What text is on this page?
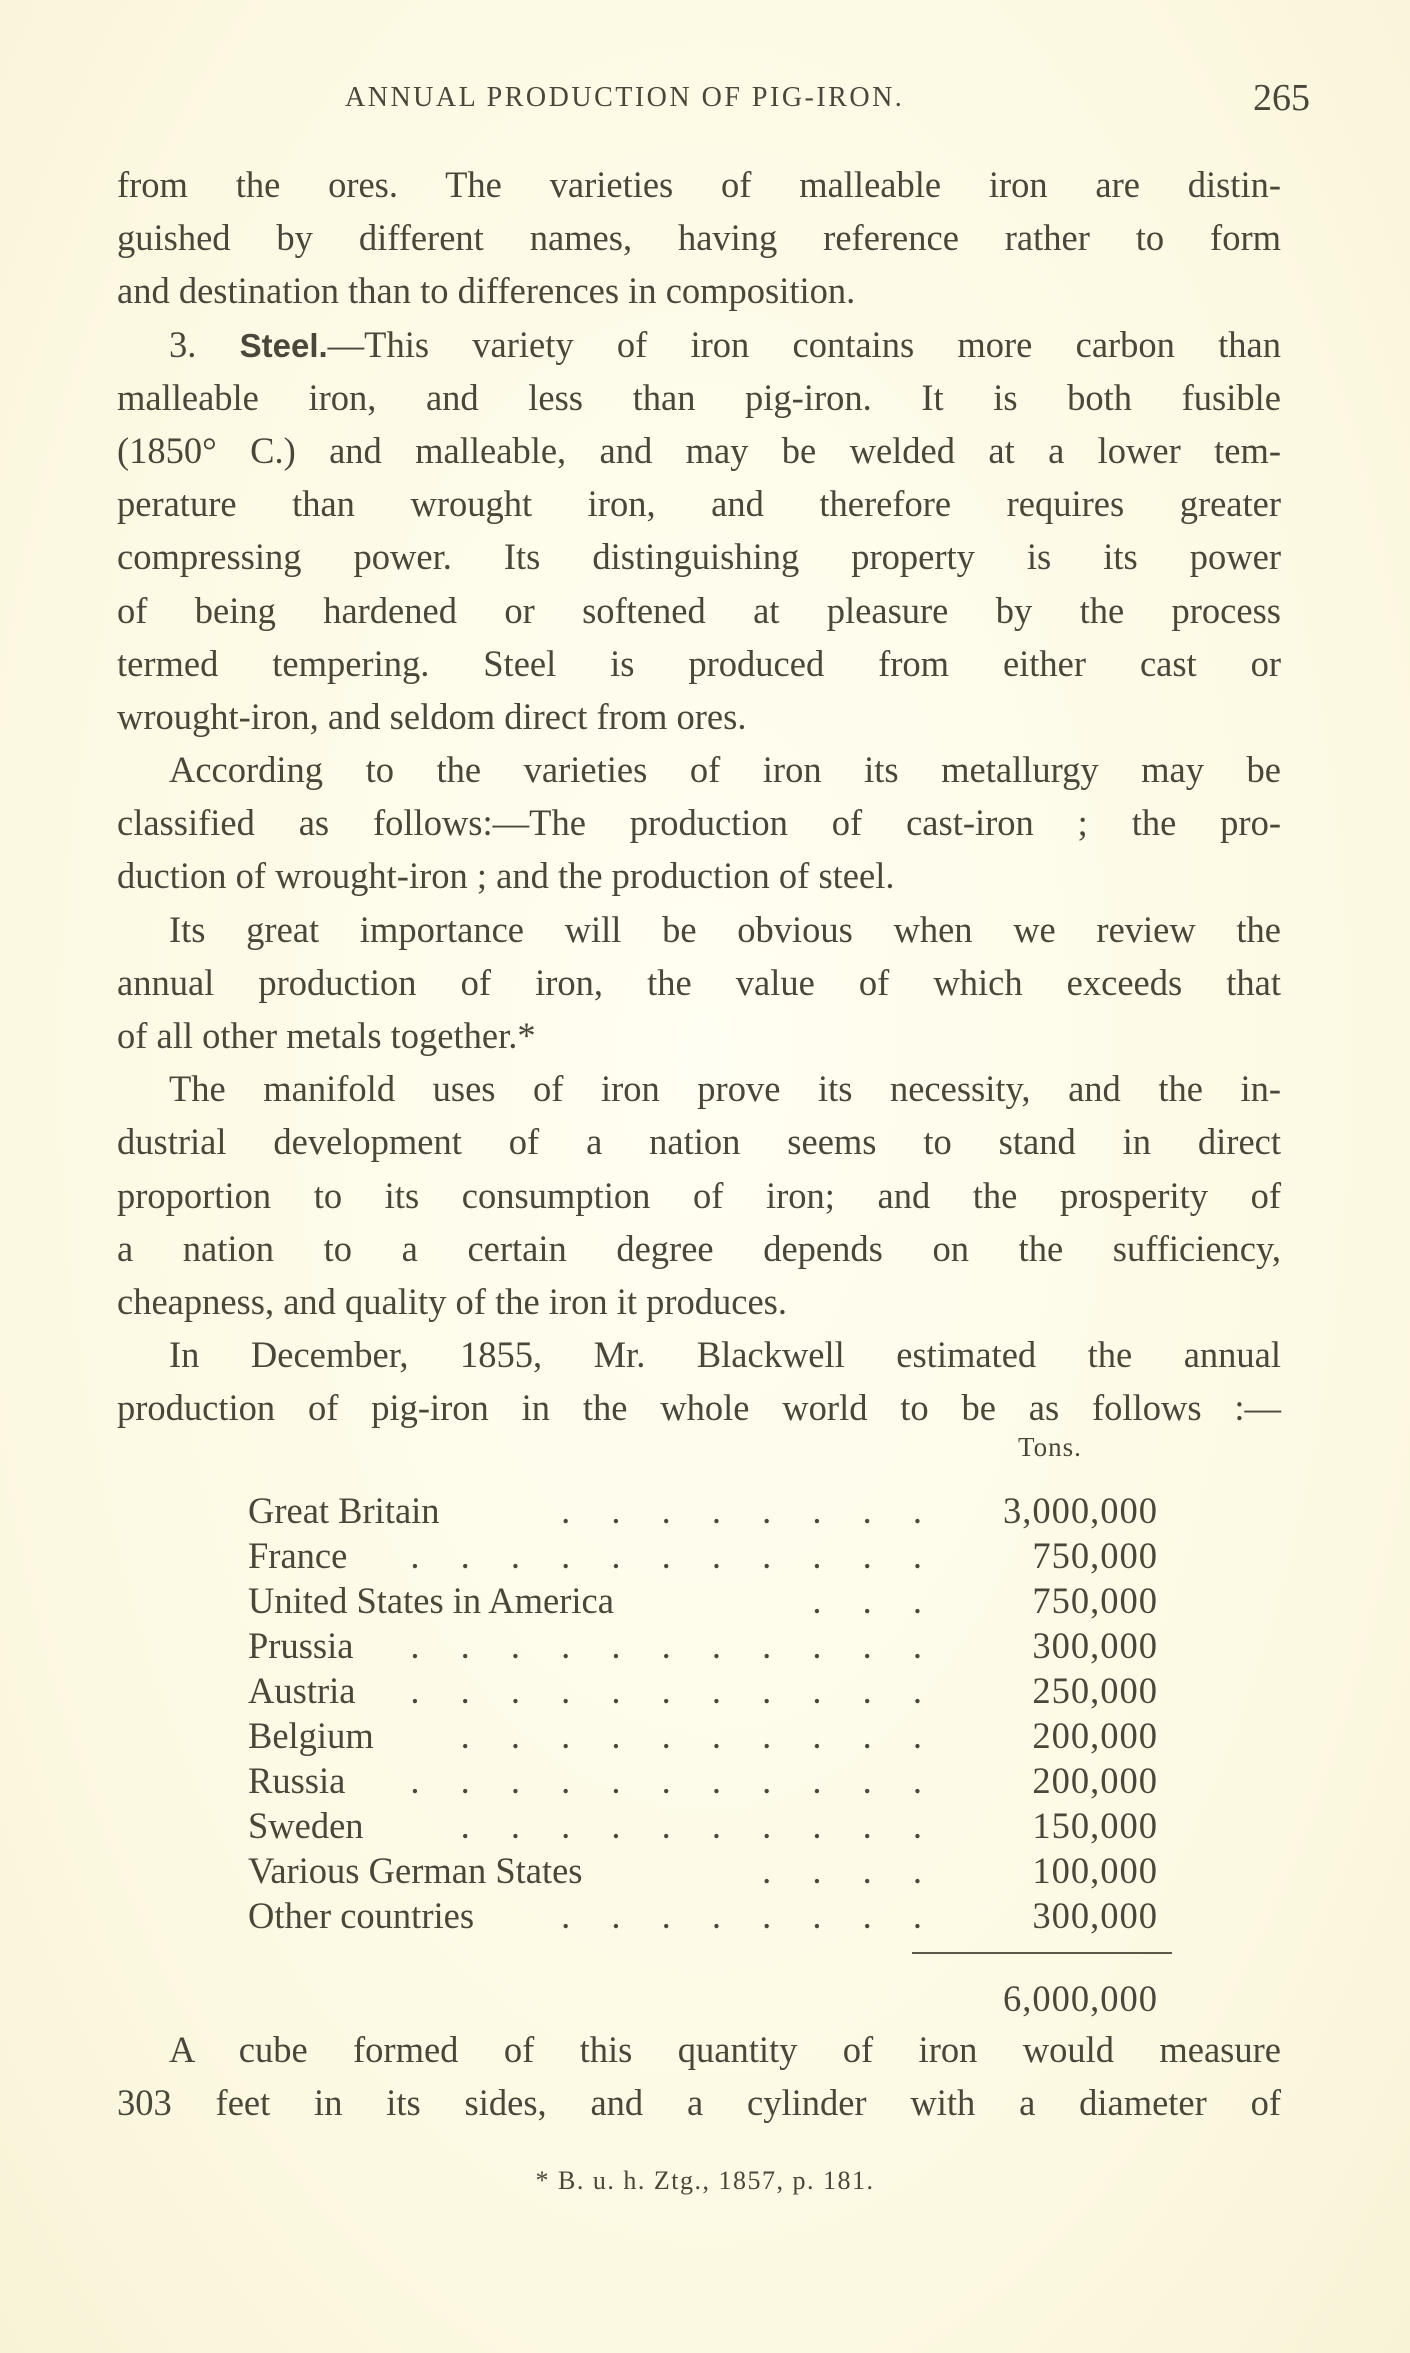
ANNUAL PRODUCTION OF PIG-IRON.	265
from the ores. The varieties of malleable iron are distin-
guished by different names, having reference rather to form
and destination than to differences in composition.
3. Steel.—This variety of iron contains more carbon than
malleable iron, and less than pig-iron. It is both fusible
(1850° C.) and malleable, and may be welded at a lower tem-
perature than wrought iron, and therefore requires greater
compressing power. Its distinguishing property is its power
of being hardened or softened at pleasure by the process
termed tempering. Steel is produced from either cast or
wrought-iron, and seldom direct from ores.
According to the varieties of iron its metallurgy may be
classified as follows:—The production of cast-iron ; the pro-
duction of wrought-iron ; and the production of steel.
Its great importance will be obvious when we review the
annual production of iron, the value of which exceeds that
of all other metals together.*
The manifold uses of iron prove its necessity, and the in-
dustrial development of a nation seems to stand in direct
proportion to its consumption of iron; and the prosperity of
a nation to a certain degree depends on the sufficiency,
cheapness, and quality of the iron it produces.
In December, 1855, Mr. Blackwell estimated the annual
production of pig-iron in the whole world to be as follows :—
Tons.
Great Britain	. . . . . . . .	3,000,000
France . . . . . . . . . . .	750,000
United States in America	. . .	750,000
Prussia . . . . . . . . . . .	300,000
Austria . . . . . . . . . . .	250,000
Belgium . . . . . . . . . .	200,000
Russia . . . . . . . . . . .	200,000
Sweden	. . . . . . . . . .	150,000
Various German States	. . . .	100,000
Other countries . . . . . . . .	300,000
6,000,000
A cube formed of this quantity of iron would measure
303 feet in its sides, and a cylinder with a diameter of
* B. u. h. Ztg., 1857, p. 181.
